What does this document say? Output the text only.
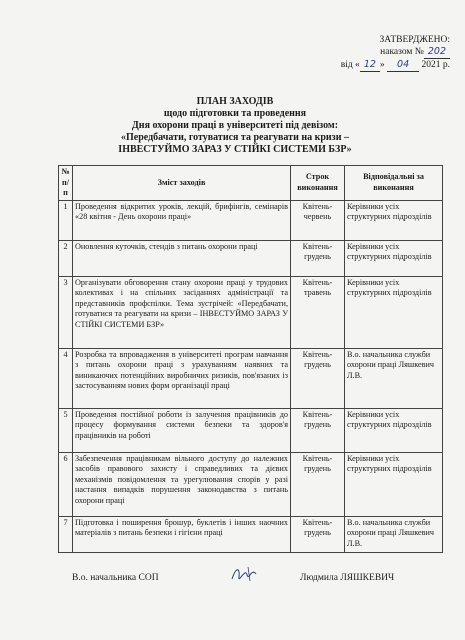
ЗАТВЕРДЖЕНО:
наказом № 202
від « 12 » 04 2021 р.
ПЛАН ЗАХОДІВ
щодо підготовки та проведення
Дня охорони праці в університеті під девізом:
«Передбачати, готуватися та реагувати на кризи –
ІНВЕСТУЙМО ЗАРАЗ У СТІЙКІ СИСТЕМИ БЗР»
№ п/п	Зміст заходів	Строк виконання	Відповідальні за виконання
1	Проведення відкритих уроків, лекцій, брифінгів, семінарів «28 квітня - День охорони праці»	Квітень-червень	Керівники усіх структурних підрозділів
2	Оновлення куточків, стендів з питань охорони праці	Квітень-грудень	Керівники усіх структурних підрозділів
3	Організувати обговорення стану охорони праці у трудових колективах і на спільних засіданнях адміністрації та представників профспілки. Тема зустрічей: «Передбачати, готуватися та реагувати на кризи – ІНВЕСТУЙМО ЗАРАЗ У СТІЙКІ СИСТЕМИ БЗР»	Квітень-травень	Керівники усіх структурних підрозділів
4	Розробка та впровадження в університеті програм навчання з питань охорони праці з урахуванням наявних та виникаючих потенційних виробничих ризиків, пов'язаних із застосуванням нових форм організації праці	Квітень-грудень	В.о. начальника служби охорони праці Ляшкевич Л.В.
5	Проведення постійної роботи із залучення працівників до процесу формування системи безпеки та здоров'я працівників на роботі	Квітень-грудень	Керівники усіх структурних підрозділів
6	Забезпечення працівникам вільного доступу до належних засобів правового захисту і справедливих та дієвих механізмів повідомлення та урегулювання спорів у разі настання випадків порушення законодавства з питань охорони праці	Квітень-грудень	Керівники усіх структурних підрозділів
7	Підготовка і поширення брошур, буклетів і інших наочних матеріалів з питань безпеки і гігієни праці	Квітень-грудень	В.о. начальника служби охорони праці Ляшкевич Л.В.
В.о. начальника СОП	Людмила ЛЯШКЕВИЧ
